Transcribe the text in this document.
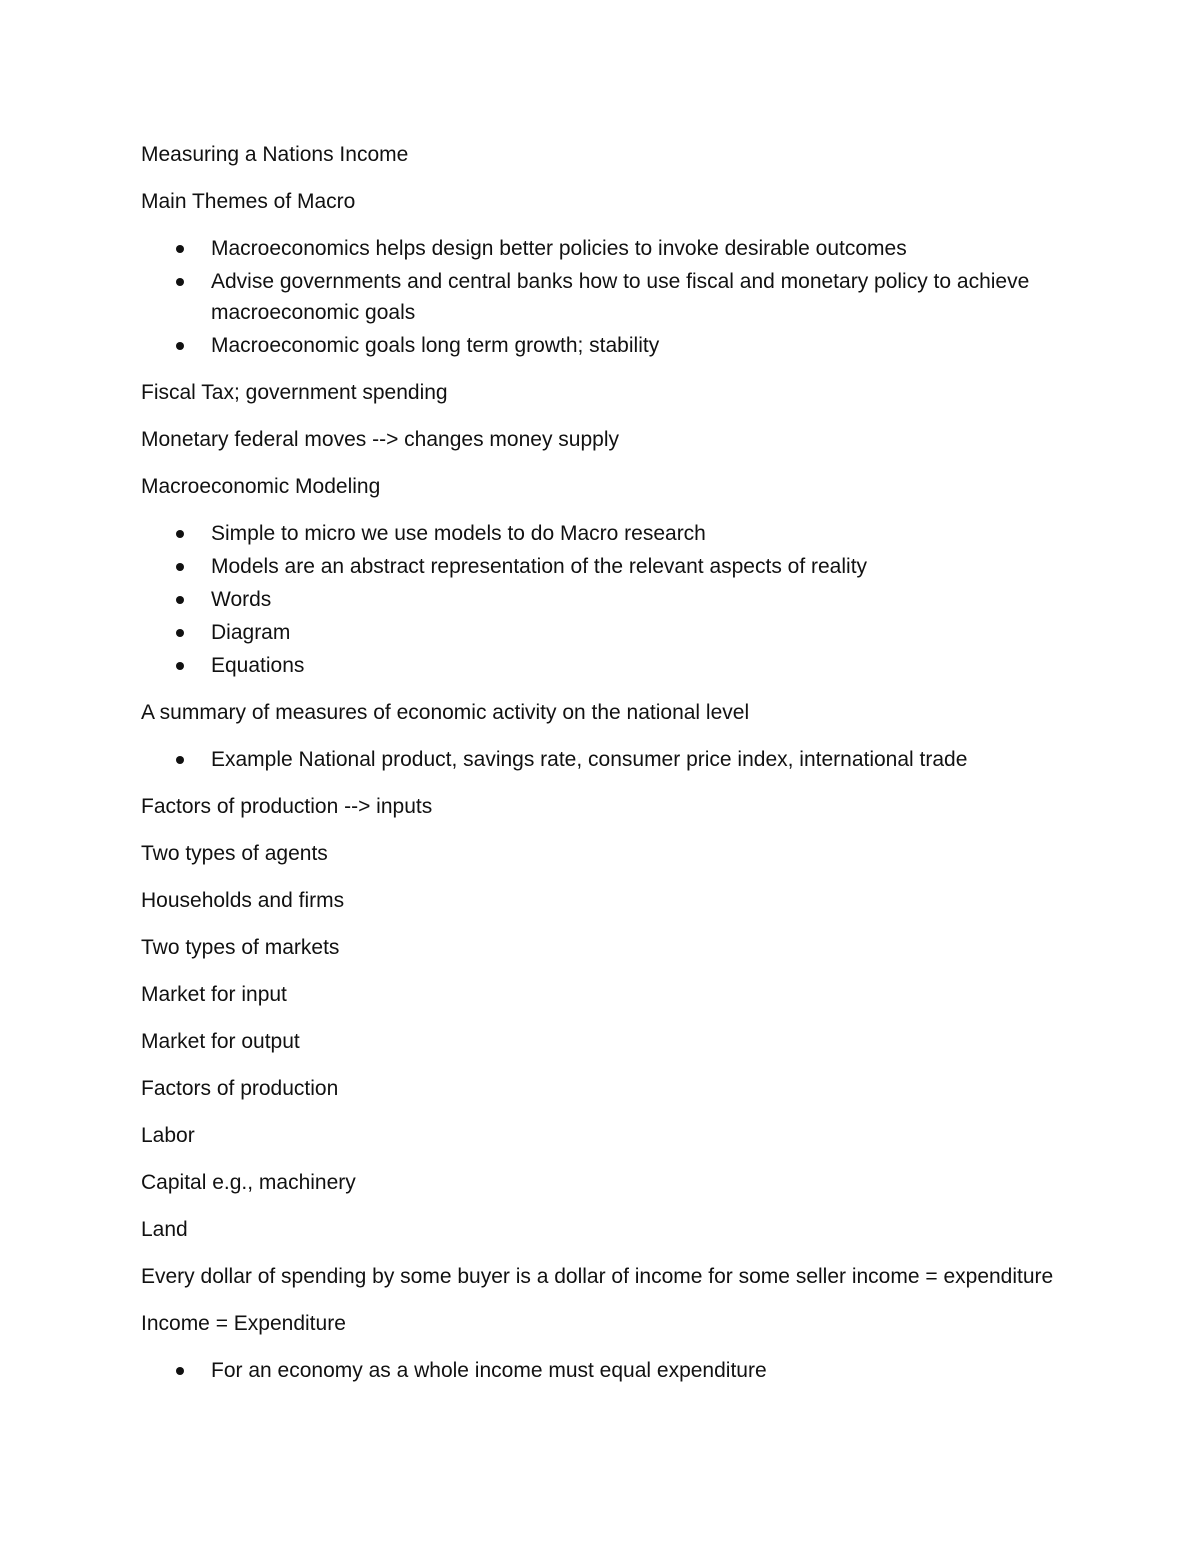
Measuring a Nations Income

Main Themes of Macro

Macroeconomics helps design better policies to invoke desirable outcomes
Advise governments and central banks how to use fiscal and monetary policy to achieve macroeconomic goals
Macroeconomic goals long term growth; stability

Fiscal Tax; government spending

Monetary federal moves --> changes money supply

Macroeconomic Modeling

Simple to micro we use models to do Macro research
Models are an abstract representation of the relevant aspects of reality
Words
Diagram
Equations

A summary of measures of economic activity on the national level

Example National product, savings rate, consumer price index, international trade

Factors of production --> inputs

Two types of agents

Households and firms

Two types of markets

Market for input

Market for output

Factors of production

Labor

Capital e.g., machinery

Land

Every dollar of spending by some buyer is a dollar of income for some seller income = expenditure

Income = Expenditure

For an economy as a whole income must equal expenditure
